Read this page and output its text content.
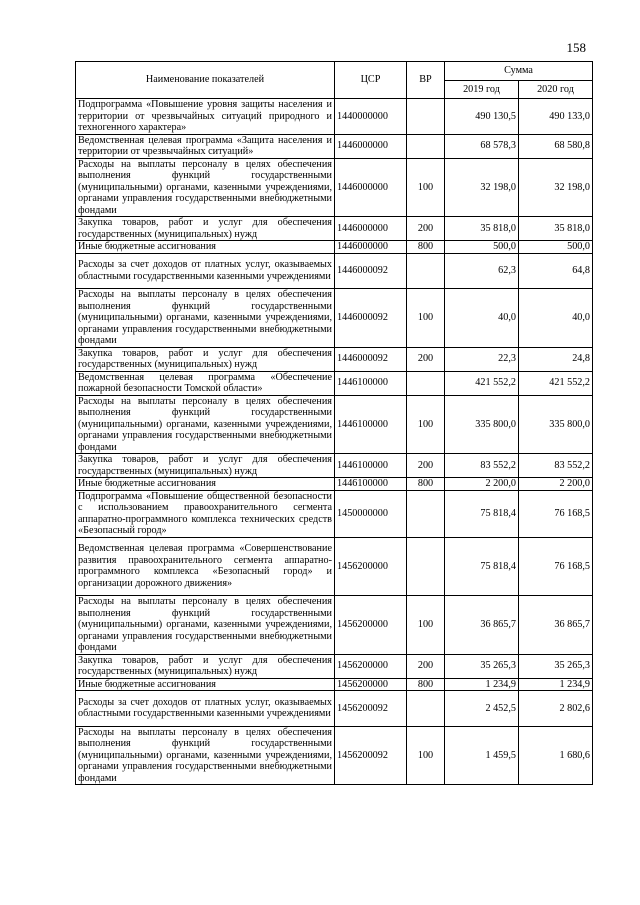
158
Наименование показателей	ЦСР	ВР	Сумма	
			2019 год	2020 год
Подпрограмма «Повышение уровня защиты населения и территории от чрезвычайных ситуаций природного и техногенного характера»	1440000000		490 130,5	490 133,0
Ведомственная целевая программа «Защита населения и территории от чрезвычайных ситуаций»	1446000000		68 578,3	68 580,8
Расходы на выплаты персоналу в целях обеспечения выполнения функций государственными (муниципальными) органами, казенными учреждениями, органами управления государственными внебюджетными фондами	1446000000	100	32 198,0	32 198,0
Закупка товаров, работ и услуг для обеспечения государственных (муниципальных) нужд	1446000000	200	35 818,0	35 818,0
Иные бюджетные ассигнования	1446000000	800	500,0	500,0
Расходы за счет доходов от платных услуг, оказываемых областными государственными казенными учреждениями	1446000092		62,3	64,8
Расходы на выплаты персоналу в целях обеспечения выполнения функций государственными (муниципальными) органами, казенными учреждениями, органами управления государственными внебюджетными фондами	1446000092	100	40,0	40,0
Закупка товаров, работ и услуг для обеспечения государственных (муниципальных) нужд	1446000092	200	22,3	24,8
Ведомственная целевая программа «Обеспечение пожарной безопасности Томской области»	1446100000		421 552,2	421 552,2
Расходы на выплаты персоналу в целях обеспечения выполнения функций государственными (муниципальными) органами, казенными учреждениями, органами управления государственными внебюджетными фондами	1446100000	100	335 800,0	335 800,0
Закупка товаров, работ и услуг для обеспечения государственных (муниципальных) нужд	1446100000	200	83 552,2	83 552,2
Иные бюджетные ассигнования	1446100000	800	2 200,0	2 200,0
Подпрограмма «Повышение общественной безопасности с использованием правоохранительного сегмента аппаратно-программного комплекса технических средств «Безопасный город»	1450000000		75 818,4	76 168,5
Ведомственная целевая программа «Совершенствование развития правоохранительного сегмента аппаратно-программного комплекса «Безопасный город» и организации дорожного движения»	1456200000		75 818,4	76 168,5
Расходы на выплаты персоналу в целях обеспечения выполнения функций государственными (муниципальными) органами, казенными учреждениями, органами управления государственными внебюджетными фондами	1456200000	100	36 865,7	36 865,7
Закупка товаров, работ и услуг для обеспечения государственных (муниципальных) нужд	1456200000	200	35 265,3	35 265,3
Иные бюджетные ассигнования	1456200000	800	1 234,9	1 234,9
Расходы за счет доходов от платных услуг, оказываемых областными государственными казенными учреждениями	1456200092		2 452,5	2 802,6
Расходы на выплаты персоналу в целях обеспечения выполнения функций государственными (муниципальными) органами, казенными учреждениями, органами управления государственными внебюджетными фондами	1456200092	100	1 459,5	1 680,6
